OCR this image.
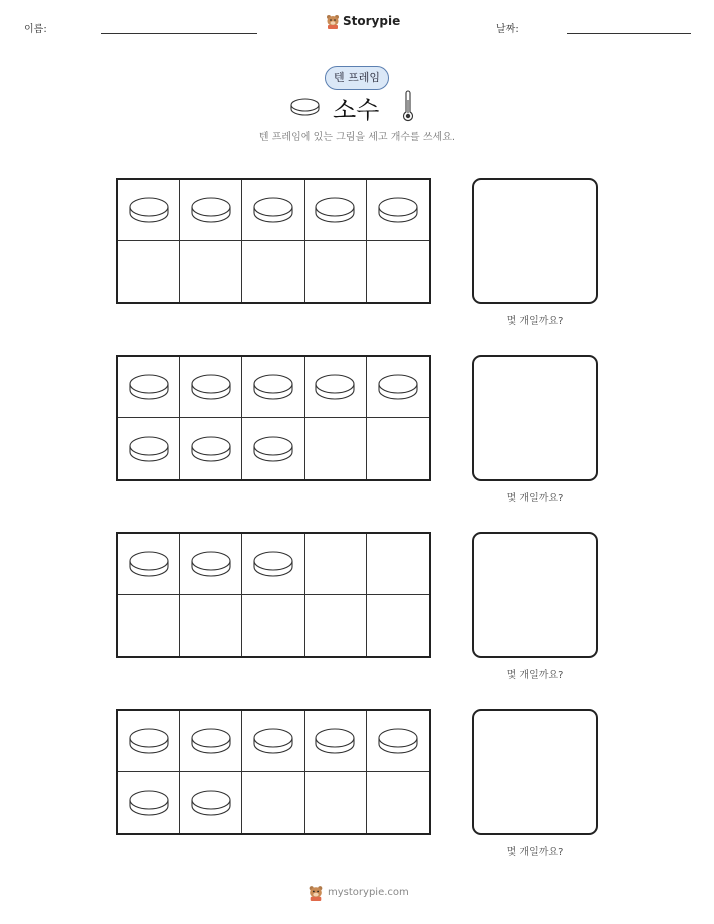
이름:
Storypie
날짜:
텐 프레임
소수
텐 프레임에 있는 그림을 세고 개수를 쓰세요.
몇 개일까요?
몇 개일까요?
몇 개일까요?
몇 개일까요?
mystorypie.com
